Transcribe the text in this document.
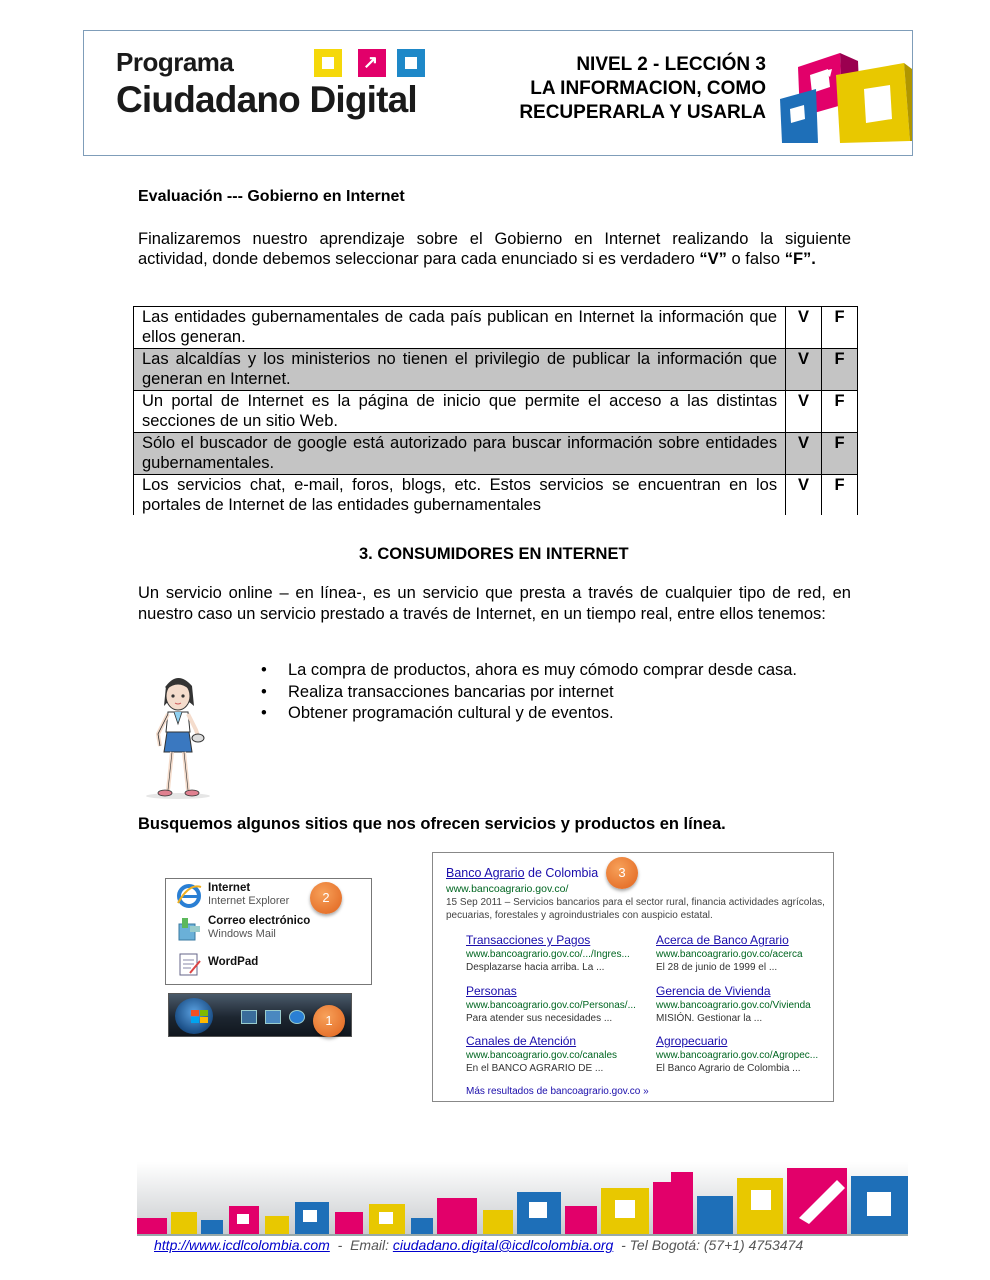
Programa
Ciudadano Digital
↗	NIVEL 2 - LECCIÓN 3
LA INFORMACION, COMO
RECUPERARLA Y USARLA
Evaluación --- Gobierno en Internet
Finalizaremos nuestro aprendizaje sobre el Gobierno en Internet realizando la siguiente actividad, donde debemos seleccionar para cada enunciado si es verdadero “V” o falso “F”.
Las entidades gubernamentales de cada país publican en Internet la información que ellos generan.	V	F
Las alcaldías y los ministerios no tienen el privilegio de publicar la información que generan en Internet.	V	F
Un portal de Internet es la página de inicio que permite el acceso a las distintas secciones de un sitio Web.	V	F
Sólo el buscador de google está autorizado para buscar información sobre entidades gubernamentales.	V	F
Los servicios chat, e-mail, foros, blogs, etc. Estos servicios se encuentran en los portales de Internet de las entidades gubernamentales	V	F
3. CONSUMIDORES EN INTERNET
Un servicio online – en línea-, es un servicio que presta a través de cualquier tipo de red, en nuestro caso un servicio prestado a través de Internet, en un tiempo real, entre ellos tenemos:
• La compra de productos, ahora es muy cómodo comprar desde casa.
• Realiza transacciones bancarias por internet
• Obtener programación cultural y de eventos.
Busquemos algunos sitios que nos ofrecen servicios y productos en línea.
Internet
Internet Explorer
Correo electrónico
Windows Mail
WordPad
2
1
Banco Agrario de Colombia
www.bancoagrario.gov.co/
15 Sep 2011 – Servicios bancarios para el sector rural, financia actividades agrícolas, pecuarias, forestales y agroindustriales con auspicio estatal.
Transacciones y Pagos
www.bancoagrario.gov.co/.../Ingres...
Desplazarse hacia arriba. La ...
Acerca de Banco Agrario
www.bancoagrario.gov.co/acerca
El 28 de junio de 1999 el ...
Personas
www.bancoagrario.gov.co/Personas/...
Para atender sus necesidades ...
Gerencia de Vivienda
www.bancoagrario.gov.co/Vivienda
MISIÓN. Gestionar la ...
Canales de Atención
www.bancoagrario.gov.co/canales
En el BANCO AGRARIO DE ...
Agropecuario
www.bancoagrario.gov.co/Agropec...
El Banco Agrario de Colombia ...
Más resultados de bancoagrario.gov.co »
3
http://www.icdlcolombia.com  -  Email: ciudadano.digital@icdlcolombia.org  - Tel Bogotá: (57+1) 4753474
